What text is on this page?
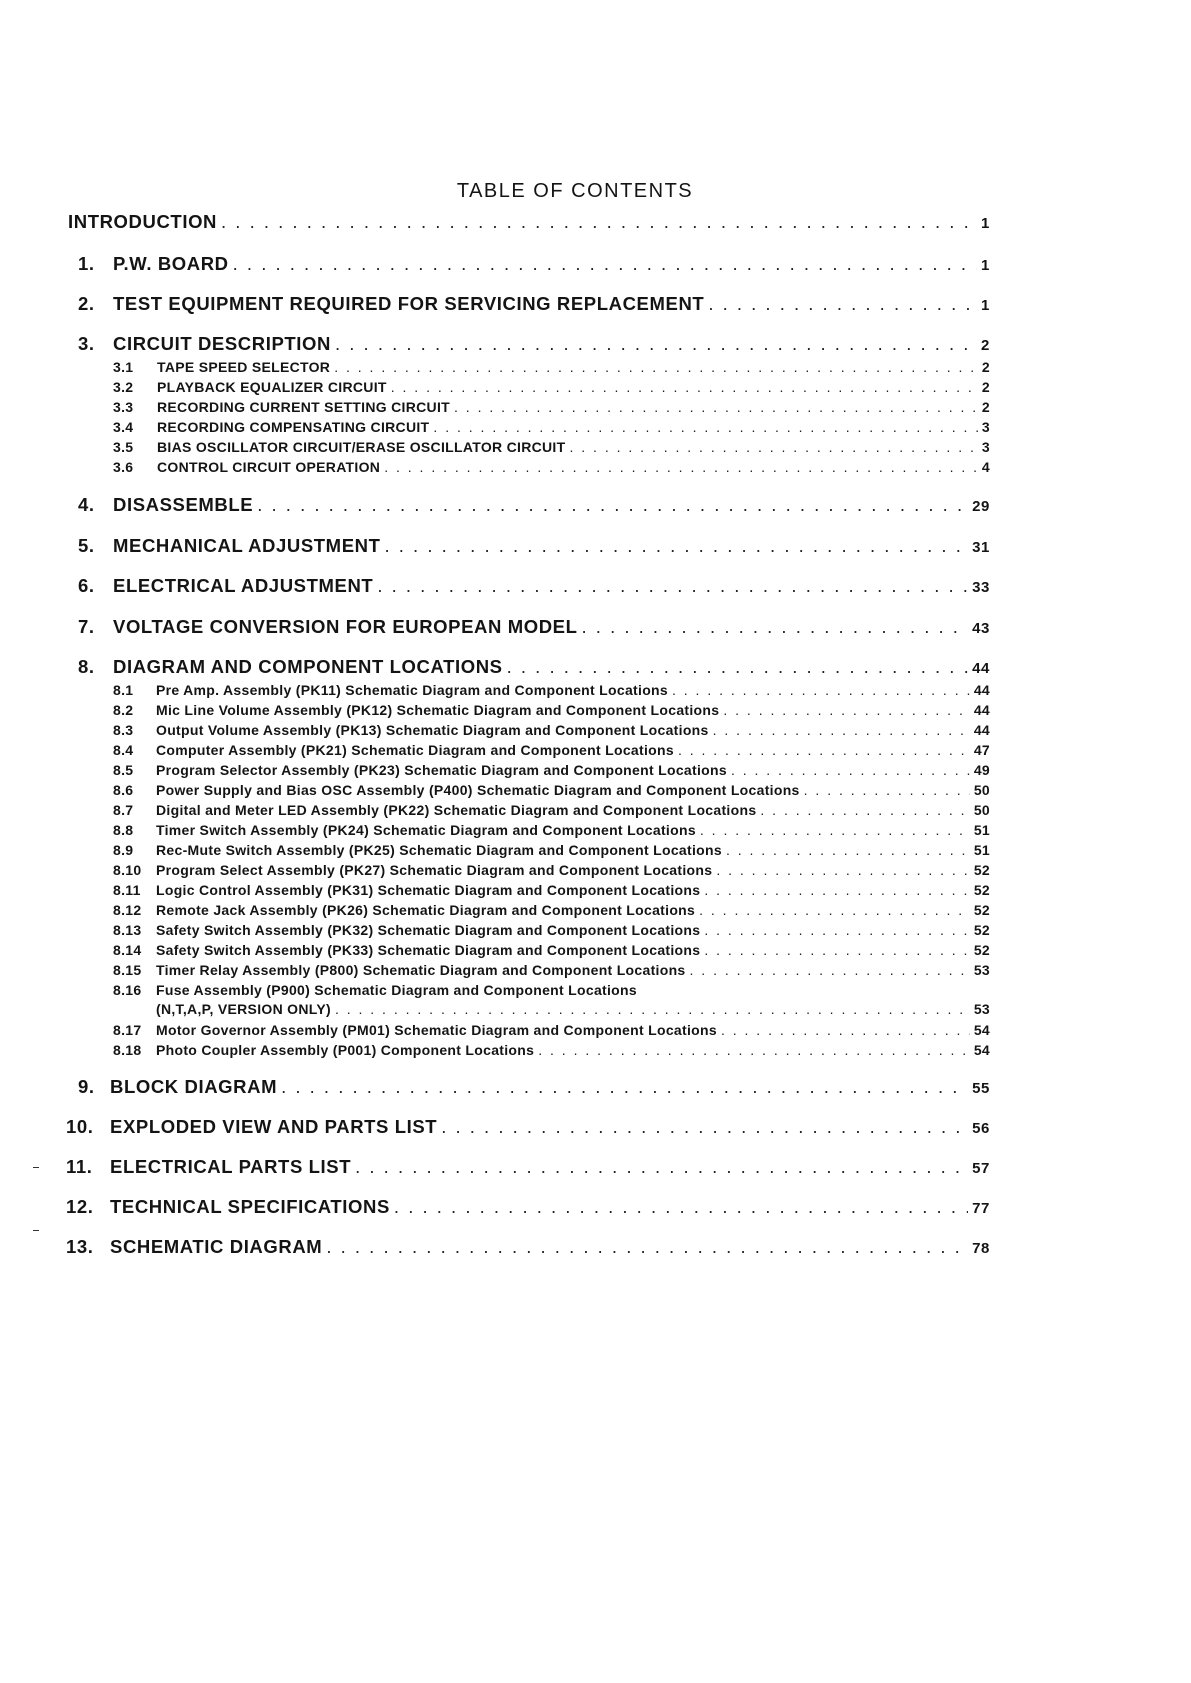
TABLE OF CONTENTS
INTRODUCTION . . .	1
1. P.W. BOARD . . .	1
2. TEST EQUIPMENT REQUIRED FOR SERVICING REPLACEMENT . . .	1
3. CIRCUIT DESCRIPTION . . .	2
3.1	TAPE SPEED SELECTOR . . .	2
3.2	PLAYBACK EQUALIZER CIRCUIT . . .	2
3.3	RECORDING CURRENT SETTING CIRCUIT . . .	2
3.4	RECORDING COMPENSATING CIRCUIT . . .	3
3.5	BIAS OSCILLATOR CIRCUIT/ERASE OSCILLATOR CIRCUIT . . .	3
3.6	CONTROL CIRCUIT OPERATION . . .	4
4. DISASSEMBLE . . .	29
5. MECHANICAL ADJUSTMENT . . .	31
6. ELECTRICAL ADJUSTMENT . . .	33
7. VOLTAGE CONVERSION FOR EUROPEAN MODEL . . .	43
8. DIAGRAM AND COMPONENT LOCATIONS . . .	44
8.1	Pre Amp. Assembly (PK11) Schematic Diagram and Component Locations . . .	44
8.2	Mic Line Volume Assembly (PK12) Schematic Diagram and Component Locations . . .	44
8.3	Output Volume Assembly (PK13) Schematic Diagram and Component Locations . . .	44
8.4	Computer Assembly (PK21) Schematic Diagram and Component Locations . . .	47
8.5	Program Selector Assembly (PK23) Schematic Diagram and Component Locations . . .	49
8.6	Power Supply and Bias OSC Assembly (P400) Schematic Diagram and Component Locations . . .	50
8.7	Digital and Meter LED Assembly (PK22) Schematic Diagram and Component Locations . . .	50
8.8	Timer Switch Assembly (PK24) Schematic Diagram and Component Locations . . .	51
8.9	Rec-Mute Switch Assembly (PK25) Schematic Diagram and Component Locations . . .	51
8.10	Program Select Assembly (PK27) Schematic Diagram and Component Locations . . .	52
8.11	Logic Control Assembly (PK31) Schematic Diagram and Component Locations . . .	52
8.12	Remote Jack Assembly (PK26) Schematic Diagram and Component Locations . . .	52
8.13	Safety Switch Assembly (PK32) Schematic Diagram and Component Locations . . .	52
8.14	Safety Switch Assembly (PK33) Schematic Diagram and Component Locations . . .	52
8.15	Timer Relay Assembly (P800) Schematic Diagram and Component Locations . . .	53
8.16	Fuse Assembly (P900) Schematic Diagram and Component Locations
(N,T,A,P, VERSION ONLY) . . .	53
8.17	Motor Governor Assembly (PM01) Schematic Diagram and Component Locations . . .	54
8.18	Photo Coupler Assembly (P001) Component Locations . . .	54
9. BLOCK DIAGRAM . . .	55
10. EXPLODED VIEW AND PARTS LIST . . .	56
11. ELECTRICAL PARTS LIST . . .	57
12. TECHNICAL SPECIFICATIONS . . .	77
13. SCHEMATIC DIAGRAM . . .	78
